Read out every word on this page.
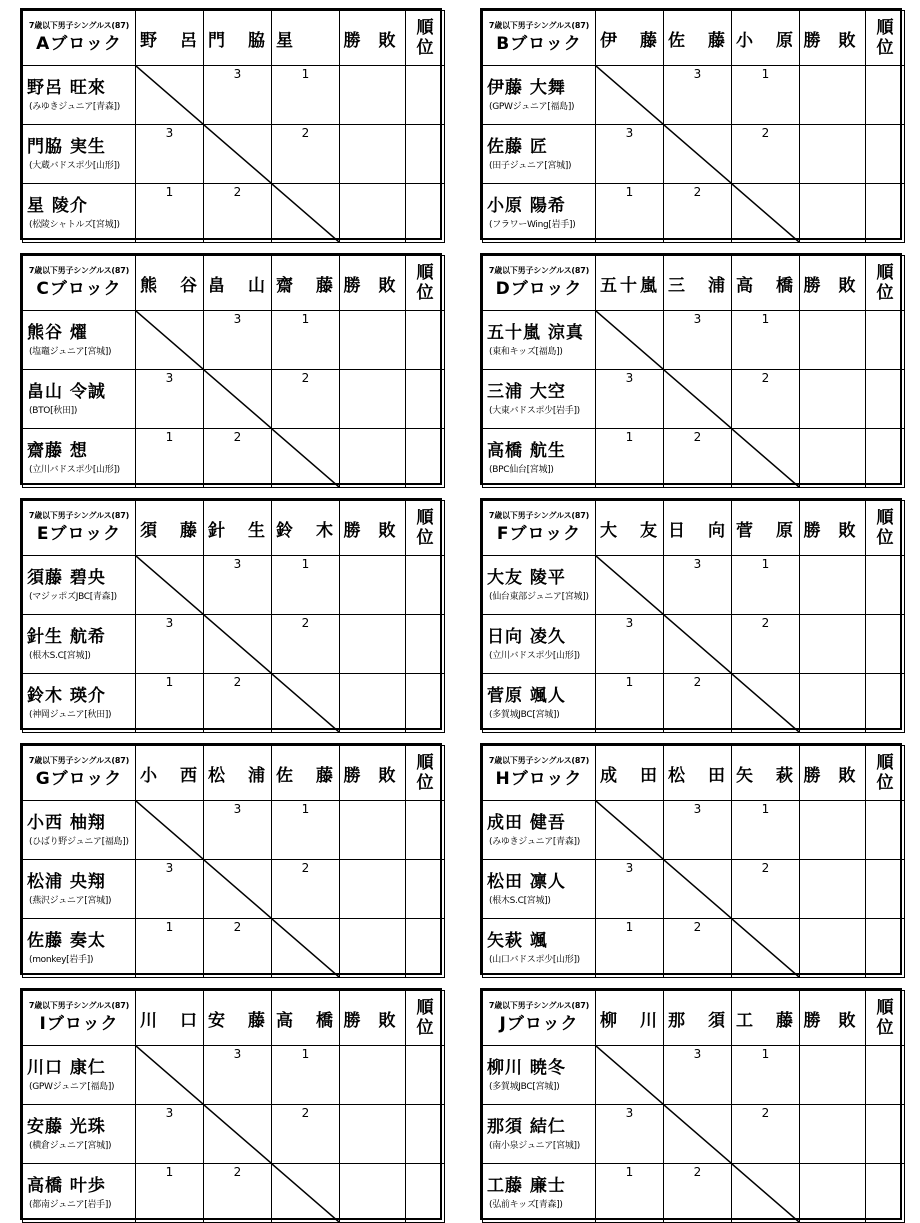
7歳以下男子シングルス(87)
Aブロック	野 呂	門 脇	星	勝 敗	順
位

野呂 旺來
(みゆきジュニア[青森])		3	1		

門脇 実生
(大蔵バドスポ少[山形])	3		2		

星 陵介
(松陵シャトルズ[宮城])	1	2

7歳以下男子シングルス(87)
Bブロック	伊 藤	佐 藤	小 原	勝 敗	順
位

伊藤 大舞
(GPWジュニア[福島])		3	1		

佐藤 匠
(田子ジュニア[宮城])	3		2		

小原 陽希
(フラワーWing[岩手])	1	2

7歳以下男子シングルス(87)
Cブロック	熊 谷	畠 山	齋 藤	勝 敗	順
位

熊谷 燿
(塩竈ジュニア[宮城])		3	1		

畠山 令誠
(BTO[秋田])	3		2		

齋藤 想
(立川バドスポ少[山形])	1	2

7歳以下男子シングルス(87)
Dブロック	五十嵐	三 浦	高 橋	勝 敗	順
位

五十嵐 涼真
(東和キッズ[福島])		3	1		

三浦 大空
(大東バドスポ少[岩手])	3		2		

高橋 航生
(BPC仙台[宮城])	1	2

7歳以下男子シングルス(87)
Eブロック	須 藤	針 生	鈴 木	勝 敗	順
位

須藤 碧央
(マジッポズJBC[青森])		3	1		

針生 航希
(根木S.C[宮城])	3		2		

鈴木 瑛介
(神岡ジュニア[秋田])	1	2

7歳以下男子シングルス(87)
Fブロック	大 友	日 向	菅 原	勝 敗	順
位

大友 陵平
(仙台東部ジュニア[宮城])		3	1		

日向 凌久
(立川バドスポ少[山形])	3		2		

菅原 颯人
(多賀城JBC[宮城])	1	2

7歳以下男子シングルス(87)
Gブロック	小 西	松 浦	佐 藤	勝 敗	順
位

小西 柚翔
(ひばり野ジュニア[福島])		3	1		

松浦 央翔
(燕沢ジュニア[宮城])	3		2		

佐藤 奏太
(monkey[岩手])	1	2

7歳以下男子シングルス(87)
Hブロック	成 田	松 田	矢 萩	勝 敗	順
位

成田 健吾
(みゆきジュニア[青森])		3	1		

松田 凛人
(根木S.C[宮城])	3		2		

矢萩 颯
(山口バドスポ少[山形])	1	2

7歳以下男子シングルス(87)
Iブロック	川 口	安 藤	高 橋	勝 敗	順
位

川口 康仁
(GPWジュニア[福島])		3	1		

安藤 光珠
(横倉ジュニア[宮城])	3		2		

高橋 叶歩
(都南ジュニア[岩手])	1	2

7歳以下男子シングルス(87)
Jブロック	柳 川	那 須	工 藤	勝 敗	順
位

柳川 暁冬
(多賀城JBC[宮城])		3	1		

那須 結仁
(南小泉ジュニア[宮城])	3		2		

工藤 廉士
(弘前キッズ[青森])	1	2
